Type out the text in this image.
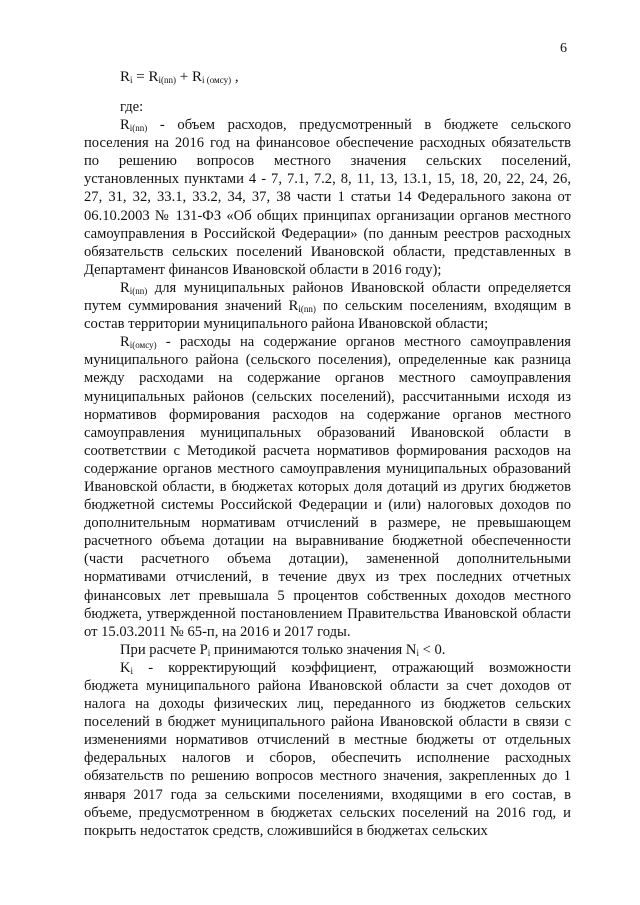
6
$R_i = R_{i(nn)} + R_{i (омсу)}$ ,

где:

$R_{i(nn)}$ - объем расходов, предусмотренный в бюджете сельского поселения на 2016 год на финансовое обеспечение расходных обязательств по решению вопросов местного значения сельских поселений, установленных пунктами 4 - 7, 7.1, 7.2, 8, 11, 13, 13.1, 15, 18, 20, 22, 24, 26, 27, 31, 32, 33.1, 33.2, 34, 37, 38 части 1 статьи 14 Федерального закона от 06.10.2003 № 131-ФЗ «Об общих принципах организации органов местного самоуправления в Российской Федерации» (по данным реестров расходных обязательств сельских поселений Ивановской области, представленных в Департамент финансов Ивановской области в 2016 году);

$R_{i(nn)}$ для муниципальных районов Ивановской области определяется путем суммирования значений $R_{i(nn)}$ по сельским поселениям, входящим в состав территории муниципального района Ивановской области;

$R_{i(омсу)}$ - расходы на содержание органов местного самоуправления муниципального района (сельского поселения), определенные как разница между расходами на содержание органов местного самоуправления муниципальных районов (сельских поселений), рассчитанными исходя из нормативов формирования расходов на содержание органов местного самоуправления муниципальных образований Ивановской области в соответствии с Методикой расчета нормативов формирования расходов на содержание органов местного самоуправления муниципальных образований Ивановской области, в бюджетах которых доля дотаций из других бюджетов бюджетной системы Российской Федерации и (или) налоговых доходов по дополнительным нормативам отчислений в размере, не превышающем расчетного объема дотации на выравнивание бюджетной обеспеченности (части расчетного объема дотации), замененной дополнительными нормативами отчислений, в течение двух из трех последних отчетных финансовых лет превышала 5 процентов собственных доходов местного бюджета, утвержденной постановлением Правительства Ивановской области от 15.03.2011 № 65-п, на 2016 и 2017 годы.

При расчете $P_i$ принимаются только значения $N_i < 0$.

$K_i$ - корректирующий коэффициент, отражающий возможности бюджета муниципального района Ивановской области за счет доходов от налога на доходы физических лиц, переданного из бюджетов сельских поселений в бюджет муниципального района Ивановской области в связи с изменениями нормативов отчислений в местные бюджеты от отдельных федеральных налогов и сборов, обеспечить исполнение расходных обязательств по решению вопросов местного значения, закрепленных до 1 января 2017 года за сельскими поселениями, входящими в его состав, в объеме, предусмотренном в бюджетах сельских поселений на 2016 год, и покрыть недостаток средств, сложившийся в бюджетах сельских
